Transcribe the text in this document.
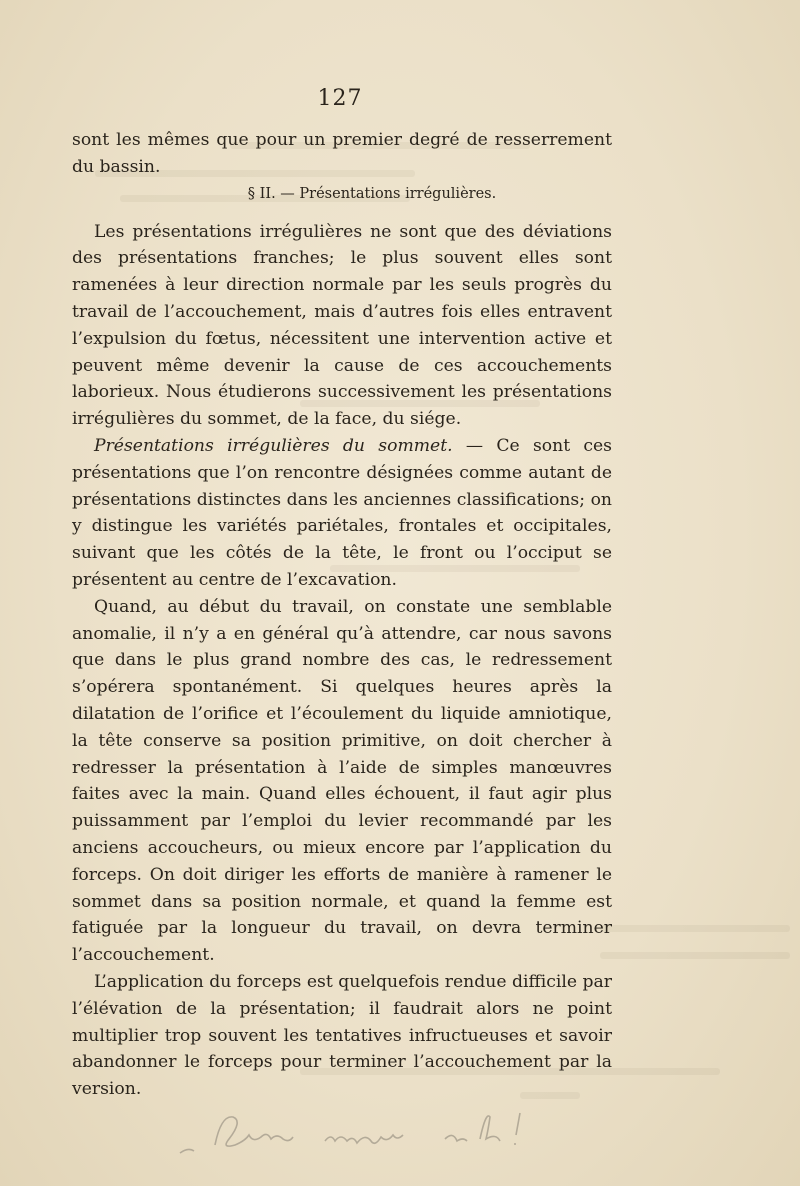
127

sont les mêmes que pour un premier degré de resserrement du bassin.

§ II. — Présentations irrégulières.

Les présentations irrégulières ne sont que des déviations des présentations franches; le plus souvent elles sont ramenées à leur direction normale par les seuls progrès du travail de l’accouchement, mais d’autres fois elles entravent l’expulsion du fœtus, nécessitent une intervention active et peuvent même devenir la cause de ces accouchements laborieux. Nous étudierons successivement les présentations irrégulières du sommet, de la face, du siége.

Présentations irrégulières du sommet. — Ce sont ces présentations que l’on rencontre désignées comme autant de présentations distinctes dans les anciennes classifications; on y distingue les variétés pariétales, frontales et occipitales, suivant que les côtés de la tête, le front ou l’occiput se présentent au centre de l’excavation.

Quand, au début du travail, on constate une semblable anomalie, il n’y a en général qu’à attendre, car nous savons que dans le plus grand nombre des cas, le redressement s’opérera spontanément. Si quelques heures après la dilatation de l’orifice et l’écoulement du liquide amniotique, la tête conserve sa position primitive, on doit chercher à redresser la présentation à l’aide de simples manœuvres faites avec la main. Quand elles échouent, il faut agir plus puissamment par l’emploi du levier recommandé par les anciens accoucheurs, ou mieux encore par l’application du forceps. On doit diriger les efforts de manière à ramener le sommet dans sa position normale, et quand la femme est fatiguée par la longueur du travail, on devra terminer l’accouchement.

L’application du forceps est quelquefois rendue difficile par l’élévation de la présentation; il faudrait alors ne point multiplier trop souvent les tentatives infructueuses et savoir abandonner le forceps pour terminer l’accouchement par la version.
